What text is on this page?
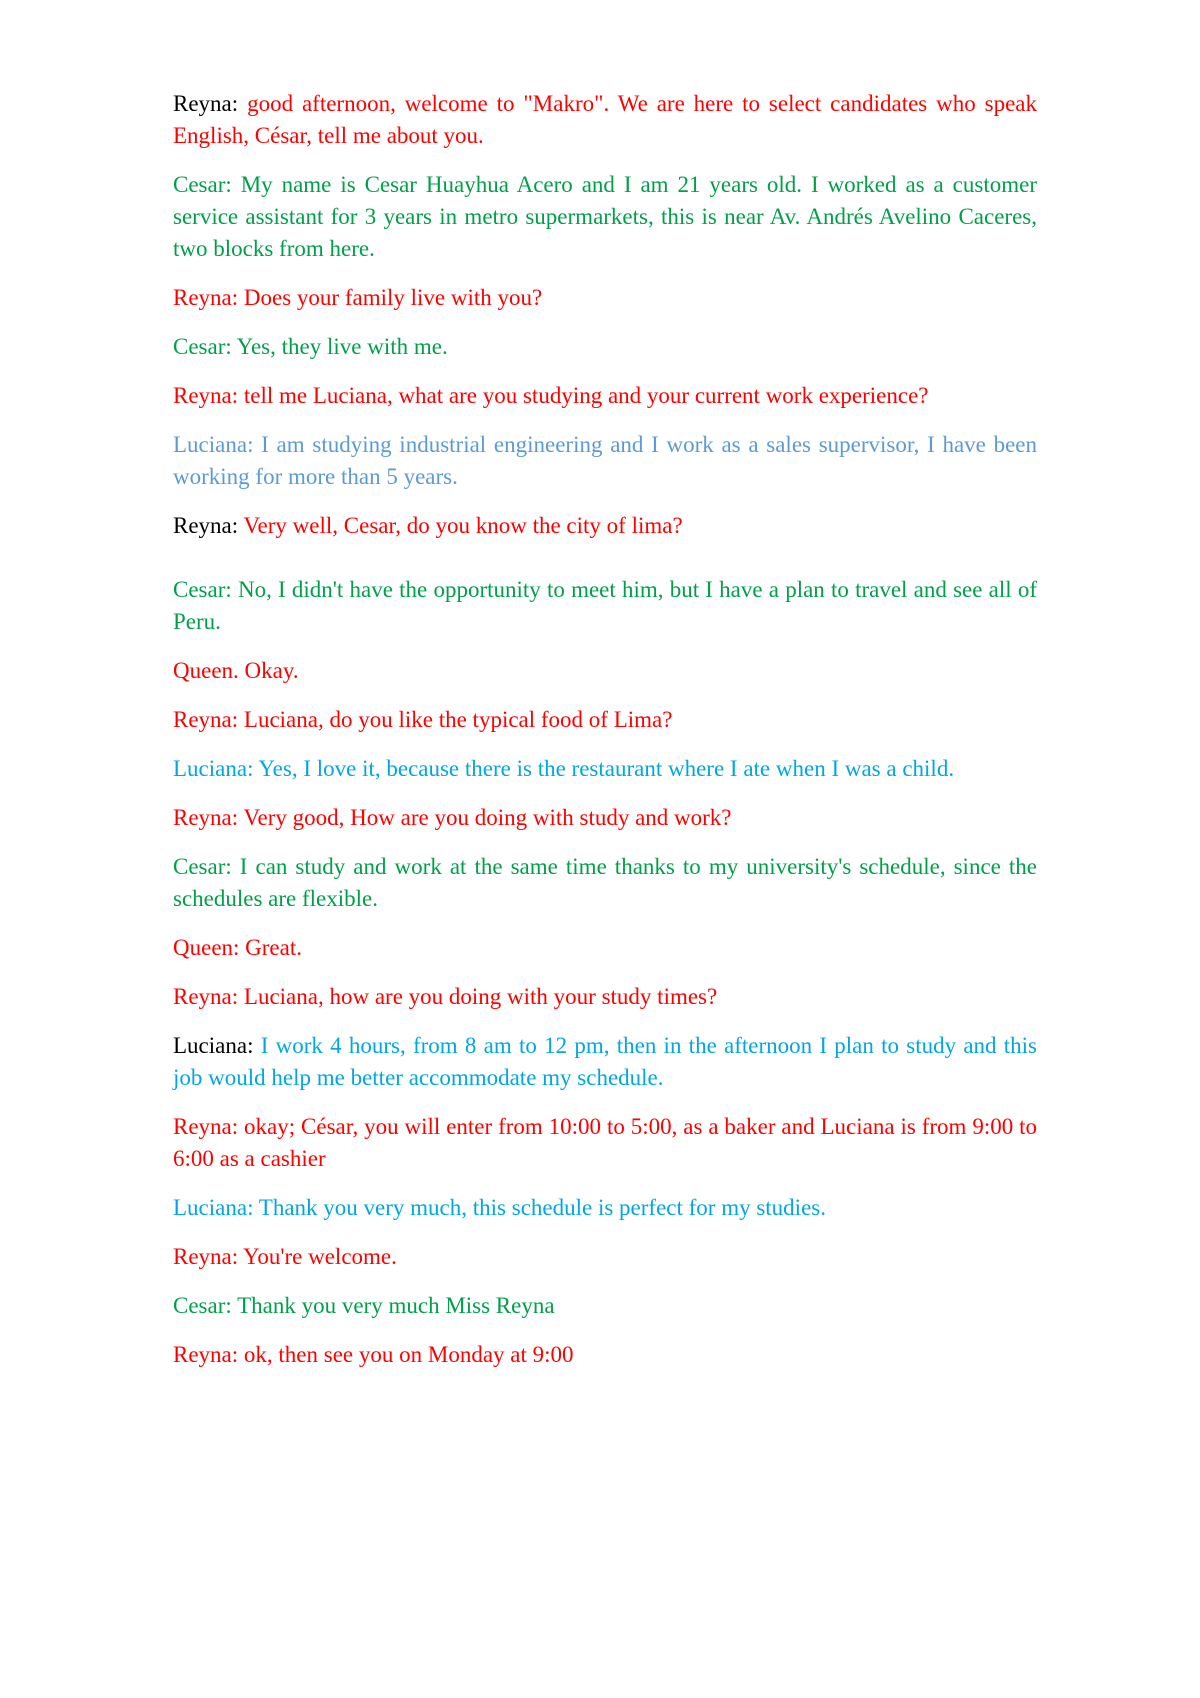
Reyna: good afternoon, welcome to "Makro". We are here to select candidates who speak English, César, tell me about you.

Cesar: My name is Cesar Huayhua Acero and I am 21 years old. I worked as a customer service assistant for 3 years in metro supermarkets, this is near Av. Andrés Avelino Caceres, two blocks from here.

Reyna: Does your family live with you?

Cesar: Yes, they live with me.

Reyna: tell me Luciana, what are you studying and your current work experience?

Luciana: I am studying industrial engineering and I work as a sales supervisor, I have been working for more than 5 years.

Reyna: Very well, Cesar, do you know the city of lima?

Cesar: No, I didn't have the opportunity to meet him, but I have a plan to travel and see all of Peru.

Queen. Okay.

Reyna: Luciana, do you like the typical food of Lima?

Luciana: Yes, I love it, because there is the restaurant where I ate when I was a child.

Reyna: Very good, How are you doing with study and work?

Cesar: I can study and work at the same time thanks to my university's schedule, since the schedules are flexible.

Queen: Great.

Reyna: Luciana, how are you doing with your study times?

Luciana: I work 4 hours, from 8 am to 12 pm, then in the afternoon I plan to study and this job would help me better accommodate my schedule.

Reyna: okay; César, you will enter from 10:00 to 5:00, as a baker and Luciana is from 9:00 to 6:00 as a cashier

Luciana: Thank you very much, this schedule is perfect for my studies.

Reyna: You're welcome.

Cesar: Thank you very much Miss Reyna

Reyna: ok, then see you on Monday at 9:00
